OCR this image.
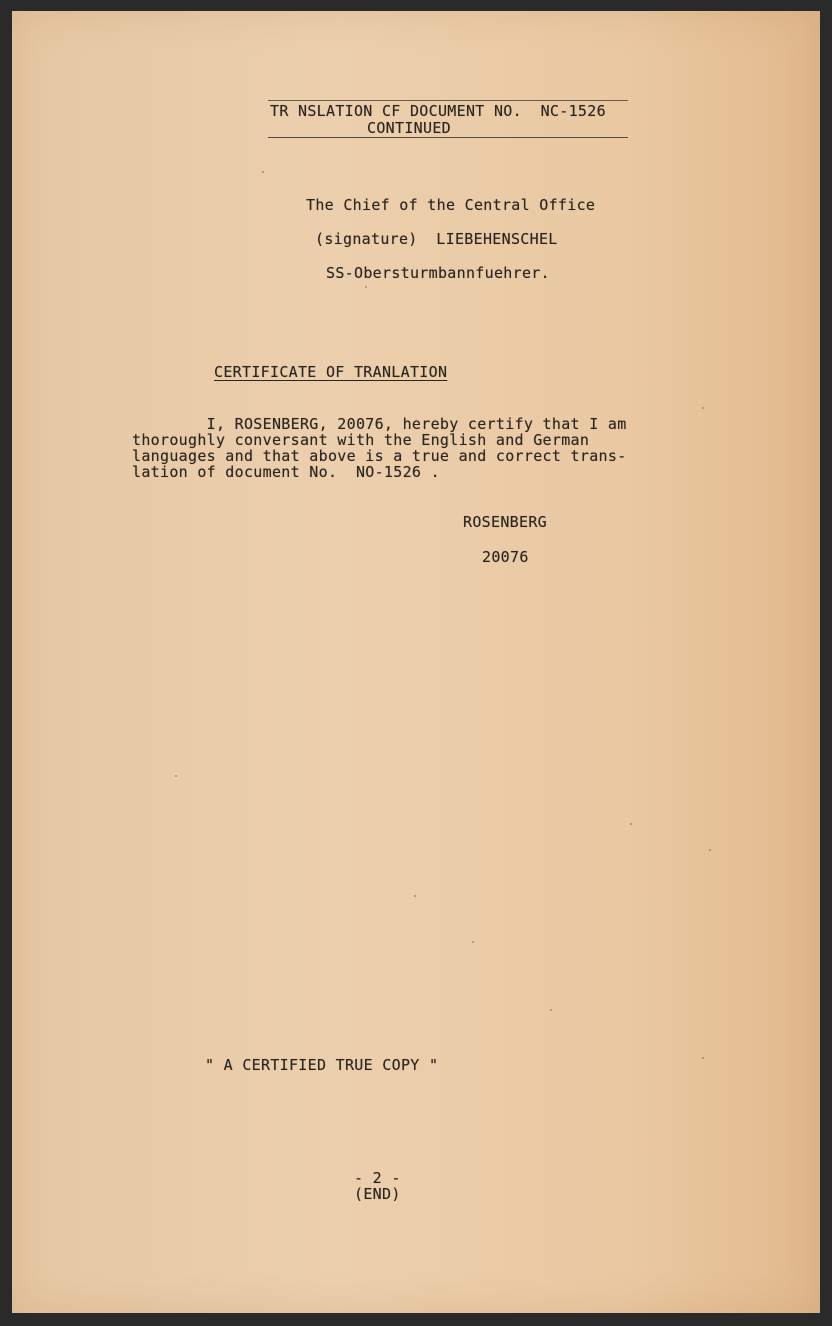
TR NSLATION CF DOCUMENT NO.  NC-1526
CONTINUED
The Chief of the Central Office
(signature)  LIEBEHENSCHEL
SS-Obersturmbannfuehrer.
CERTIFICATE OF TRANLATION
I, ROSENBERG, 20076, hereby certify that I am
thoroughly conversant with the English and German
languages and that above is a true and correct trans-
lation of document No.  NO-1526 .
ROSENBERG
20076
" A CERTIFIED TRUE COPY "
- 2 -
(END)
